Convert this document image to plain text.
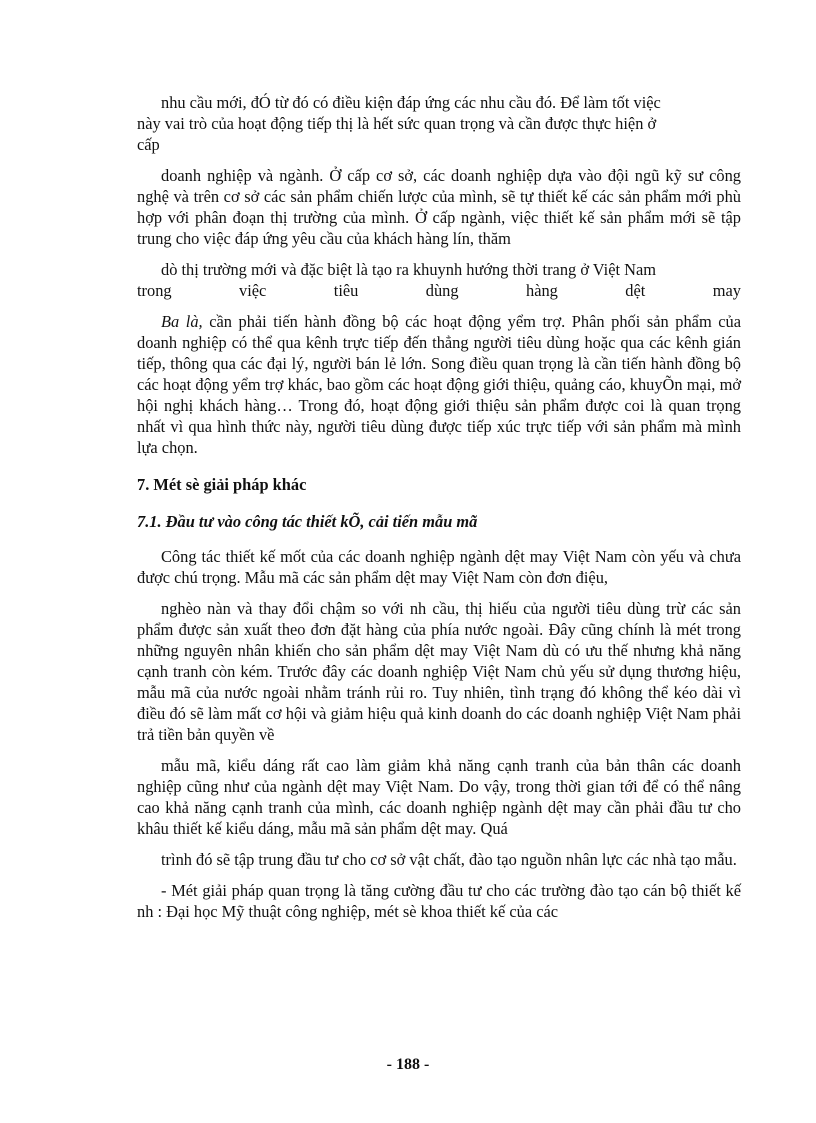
nhu cầu mới, đÓ từ đó có điều kiện đáp ứng các nhu cầu đó. Để làm tốt việc

này vai trò của hoạt động tiếp thị là hết sức quan trọng và cần được thực hiện ở

cấp

doanh nghiệp và ngành. Ở cấp cơ sở, các doanh nghiệp dựa vào đội ngũ kỹ sư công nghệ và trên cơ sở các sản phẩm chiến lược của mình, sẽ tự thiết kế các sản phẩm mới phù hợp với phân đoạn thị trường của mình. Ở cấp ngành, việc thiết kế sản phẩm mới sẽ tập trung cho việc đáp ứng yêu cầu của khách hàng lín, thăm

dò thị trường mới và đặc biệt là tạo ra khuynh hướng thời trang ở Việt Nam

trong việc tiêu dùng hàng dệt may

Ba là, cần phải tiến hành đồng bộ các hoạt động yểm trợ. Phân phối sản phẩm của doanh nghiệp có thể qua kênh trực tiếp đến thẳng người tiêu dùng hoặc qua các kênh gián tiếp, thông qua các đại lý, người bán lẻ lớn. Song điều quan trọng là cần tiến hành đồng bộ các hoạt động yểm trợ khác, bao gồm các hoạt động giới thiệu, quảng cáo, khuyÕn mại, mở hội nghị khách hàng… Trong đó, hoạt động giới thiệu sản phẩm được coi là quan trọng nhất vì qua hình thức này, người tiêu dùng được tiếp xúc trực tiếp với sản phẩm mà mình lựa chọn.

7. Mét sè giải pháp khác

7.1. Đầu tư vào công tác thiết kÕ, cải tiến mẫu mã

Công tác thiết kế mốt của các doanh nghiệp ngành dệt may Việt Nam còn yếu và chưa được chú trọng. Mẫu mã các sản phẩm dệt may Việt Nam còn đơn điệu,

nghèo nàn và thay đổi chậm so với nh cầu, thị hiếu của người tiêu dùng trừ các sản phẩm được sản xuất theo đơn đặt hàng của phía nước ngoài. Đây cũng chính là mét trong những nguyên nhân khiến cho sản phẩm dệt may Việt Nam dù có ưu thế nhưng khả năng cạnh tranh còn kém. Trước đây các doanh nghiệp Việt Nam chủ yếu sử dụng thương hiệu, mẫu mã của nước ngoài nhằm tránh rủi ro. Tuy nhiên, tình trạng đó không thể kéo dài vì điều đó sẽ làm mất cơ hội và giảm hiệu quả kinh doanh do các doanh nghiệp Việt Nam phải trả tiền bản quyền về

mẫu mã, kiểu dáng rất cao làm giảm khả năng cạnh tranh của bản thân các doanh nghiệp cũng như của ngành dệt may Việt Nam. Do vậy, trong thời gian tới để có thể nâng cao khả năng cạnh tranh của mình, các doanh nghiệp ngành dệt may cần phải đầu tư cho khâu thiết kế kiểu dáng, mẫu mã sản phẩm dệt may. Quá

trình đó sẽ tập trung đầu tư cho cơ sở vật chất, đào tạo nguồn nhân lực các nhà tạo mẫu.

- Mét giải pháp quan trọng là tăng cường đầu tư cho các trường đào tạo cán bộ thiết kế nh : Đại học Mỹ thuật công nghiệp, mét sè khoa thiết kế của các

- 188 -
